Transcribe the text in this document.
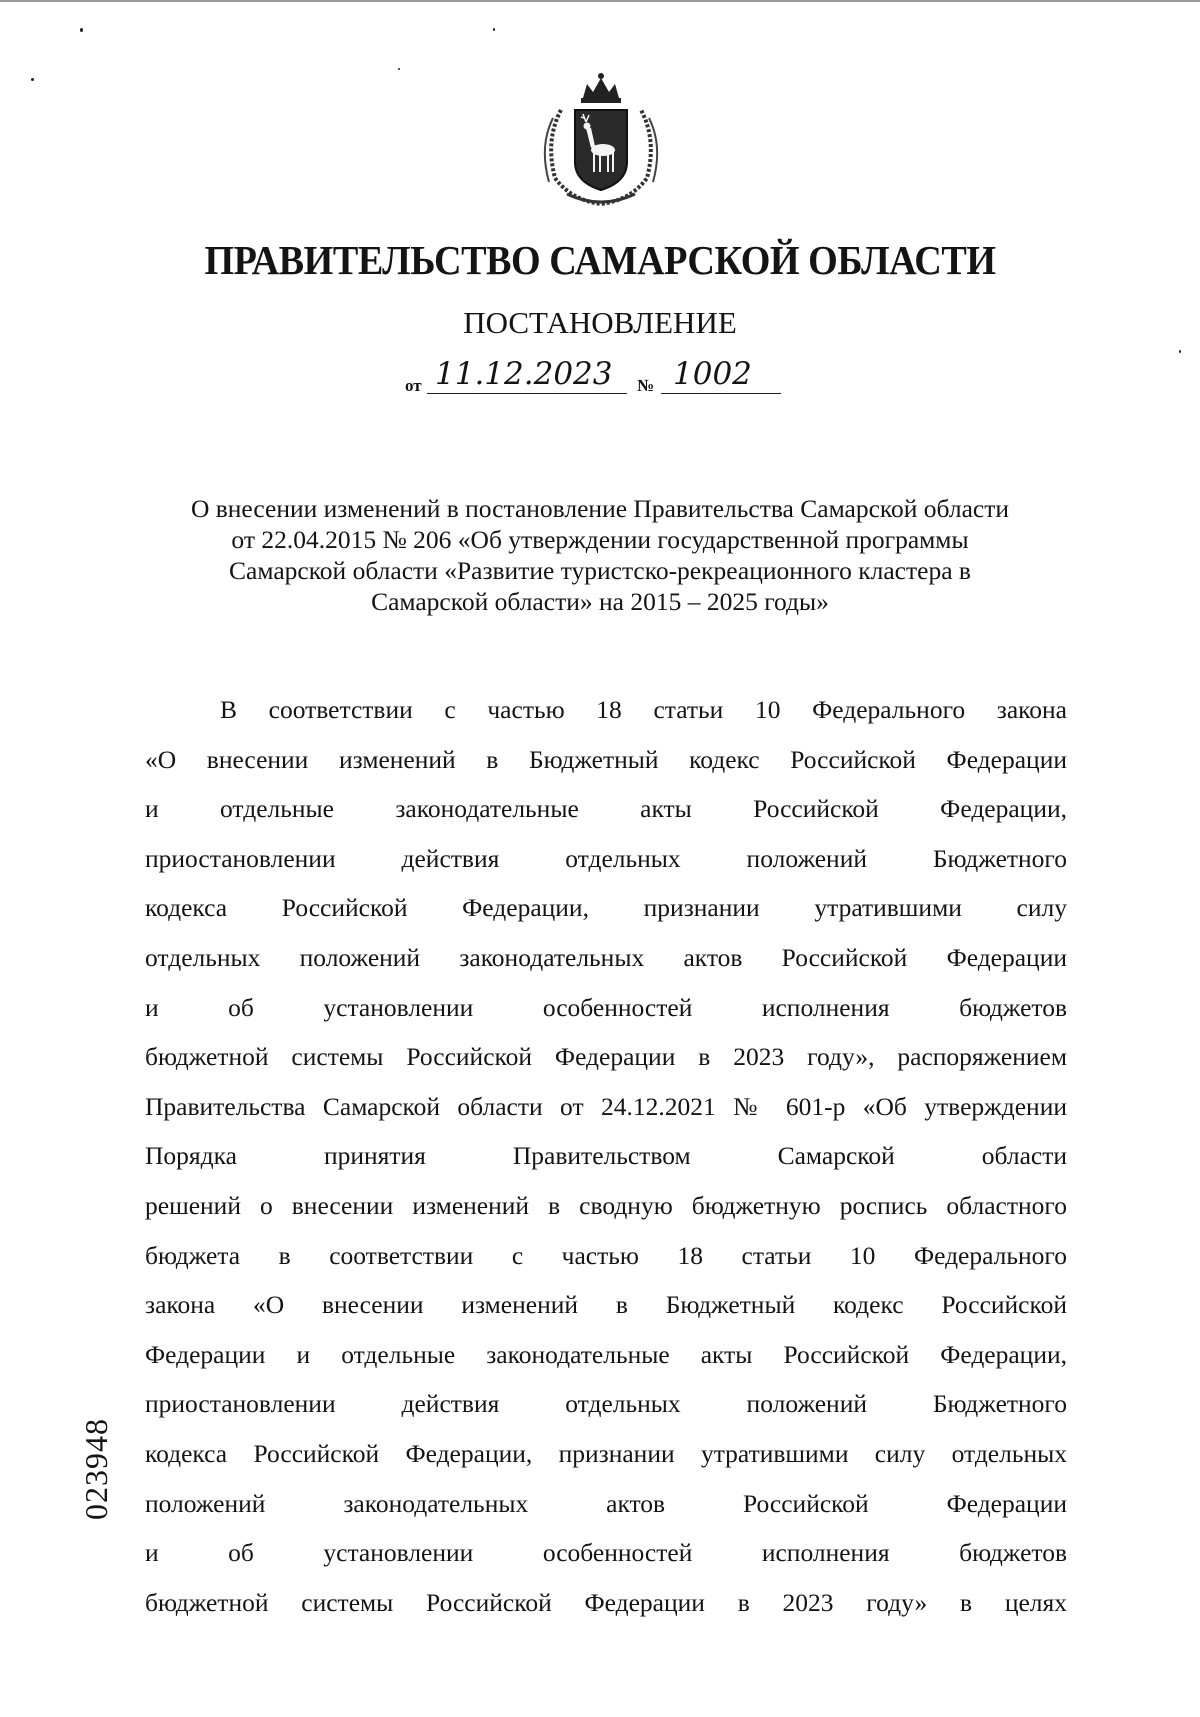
ПРАВИТЕЛЬСТВО САМАРСКОЙ ОБЛАСТИ
ПОСТАНОВЛЕНИЕ
от 11.12.2023 № 1002
О внесении изменений в постановление Правительства Самарской области
от 22.04.2015 № 206 «Об утверждении государственной программы
Самарской области «Развитие туристско-рекреационного кластера в
Самарской области» на 2015 – 2025 годы»
В соответствии с частью 18 статьи 10 Федерального закона
«О внесении изменений в Бюджетный кодекс Российской Федерации
и отдельные законодательные акты Российской Федерации,
приостановлении действия отдельных положений Бюджетного
кодекса Российской Федерации, признании утратившими силу
отдельных положений законодательных актов Российской Федерации
и об установлении особенностей исполнения бюджетов
бюджетной системы Российской Федерации в 2023 году», распоряжением
Правительства Самарской области от 24.12.2021 № 601-р «Об утверждении
Порядка принятия Правительством Самарской области
решений о внесении изменений в сводную бюджетную роспись областного
бюджета в соответствии с частью 18 статьи 10 Федерального
закона «О внесении изменений в Бюджетный кодекс Российской
Федерации и отдельные законодательные акты Российской Федерации,
приостановлении действия отдельных положений Бюджетного
кодекса Российской Федерации, признании утратившими силу отдельных
положений законодательных актов Российской Федерации
и об установлении особенностей исполнения бюджетов
бюджетной системы Российской Федерации в 2023 году» в целях
023948
